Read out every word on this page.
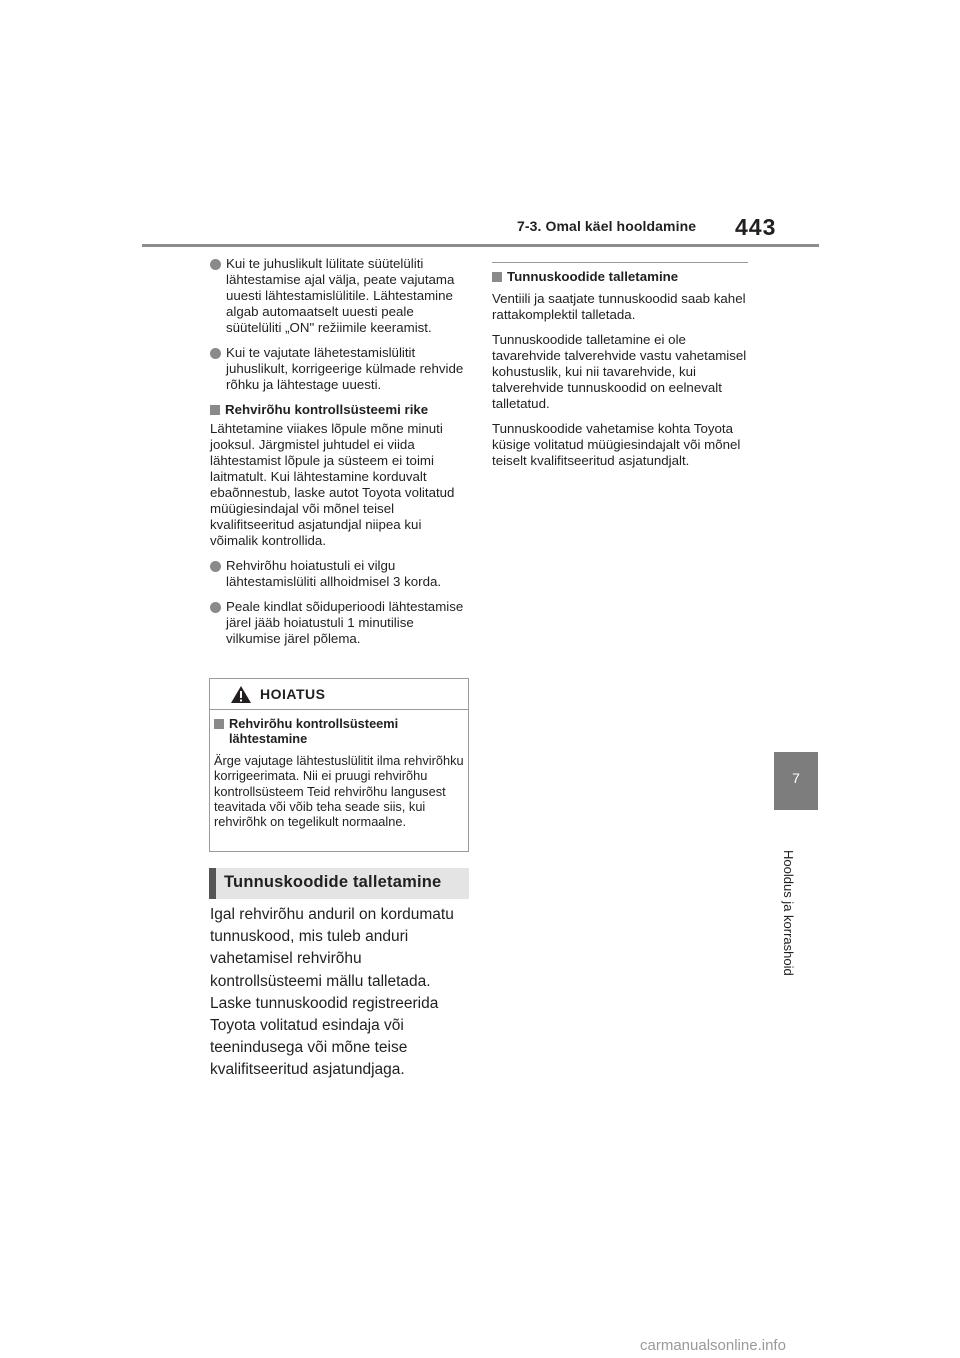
7-3. Omal käel hooldamine 443
7
Hooldus ja korrashoid
Kui te juhuslikult lülitate süütelüliti lähtestamise ajal välja, peate vajutama uuesti lähtestamislülitile. Lähtestamine algab automaatselt uuesti peale süütelüliti „ON" režiimile keeramist.
Kui te vajutate lähetestamislülitit juhuslikult, korrigeerige külmade rehvide rõhku ja lähtestage uuesti.
Rehvirõhu kontrollsüsteemi rike
Lähtetamine viiakes lõpule mõne minuti jooksul. Järgmistel juhtudel ei viida lähtestamist lõpule ja süsteem ei toimi laitmatult. Kui lähtestamine korduvalt ebaõnnestub, laske autot Toyota volitatud müügiesindajal või mõnel teisel kvalifitseeritud asjatundjal niipea kui võimalik kontrollida.
Rehvirõhu hoiatustuli ei vilgu lähtestamislüliti allhoidmisel 3 korda.
Peale kindlat sõiduperioodi lähtestamise järel jääb hoiatustuli 1 minutilise vilkumise järel põlema.
HOIATUS
Rehvirõhu kontrollsüsteemi lähtestamine
Ärge vajutage lähtestuslülitit ilma rehvirõhku korrigeerimata. Nii ei pruugi rehvirõhu kontrollsüsteem Teid rehvirõhu langusest teavitada või võib teha seade siis, kui rehvirõhk on tegelikult normaalne.
Tunnuskoodide talletamine
Igal rehvirõhu anduril on kordumatu tunnuskood, mis tuleb anduri vahetamisel rehvirõhu kontrollsüsteemi mällu talletada. Laske tunnuskoodid registreerida Toyota volitatud esindaja või teenindusega või mõne teise kvalifitseeritud asjatundjaga.
Tunnuskoodide talletamine
Ventiili ja saatjate tunnuskoodid saab kahel rattakomplektil talletada.
Tunnuskoodide talletamine ei ole tavarehvide talverehvide vastu vahetamisel kohustuslik, kui nii tavarehvide, kui talverehvide tunnuskoodid on eelnevalt talletatud.
Tunnuskoodide vahetamise kohta Toyota küsige volitatud müügiesindajalt või mõnel teiselt kvalifitseeritud asjatundjalt.
carmanualsonline.info
